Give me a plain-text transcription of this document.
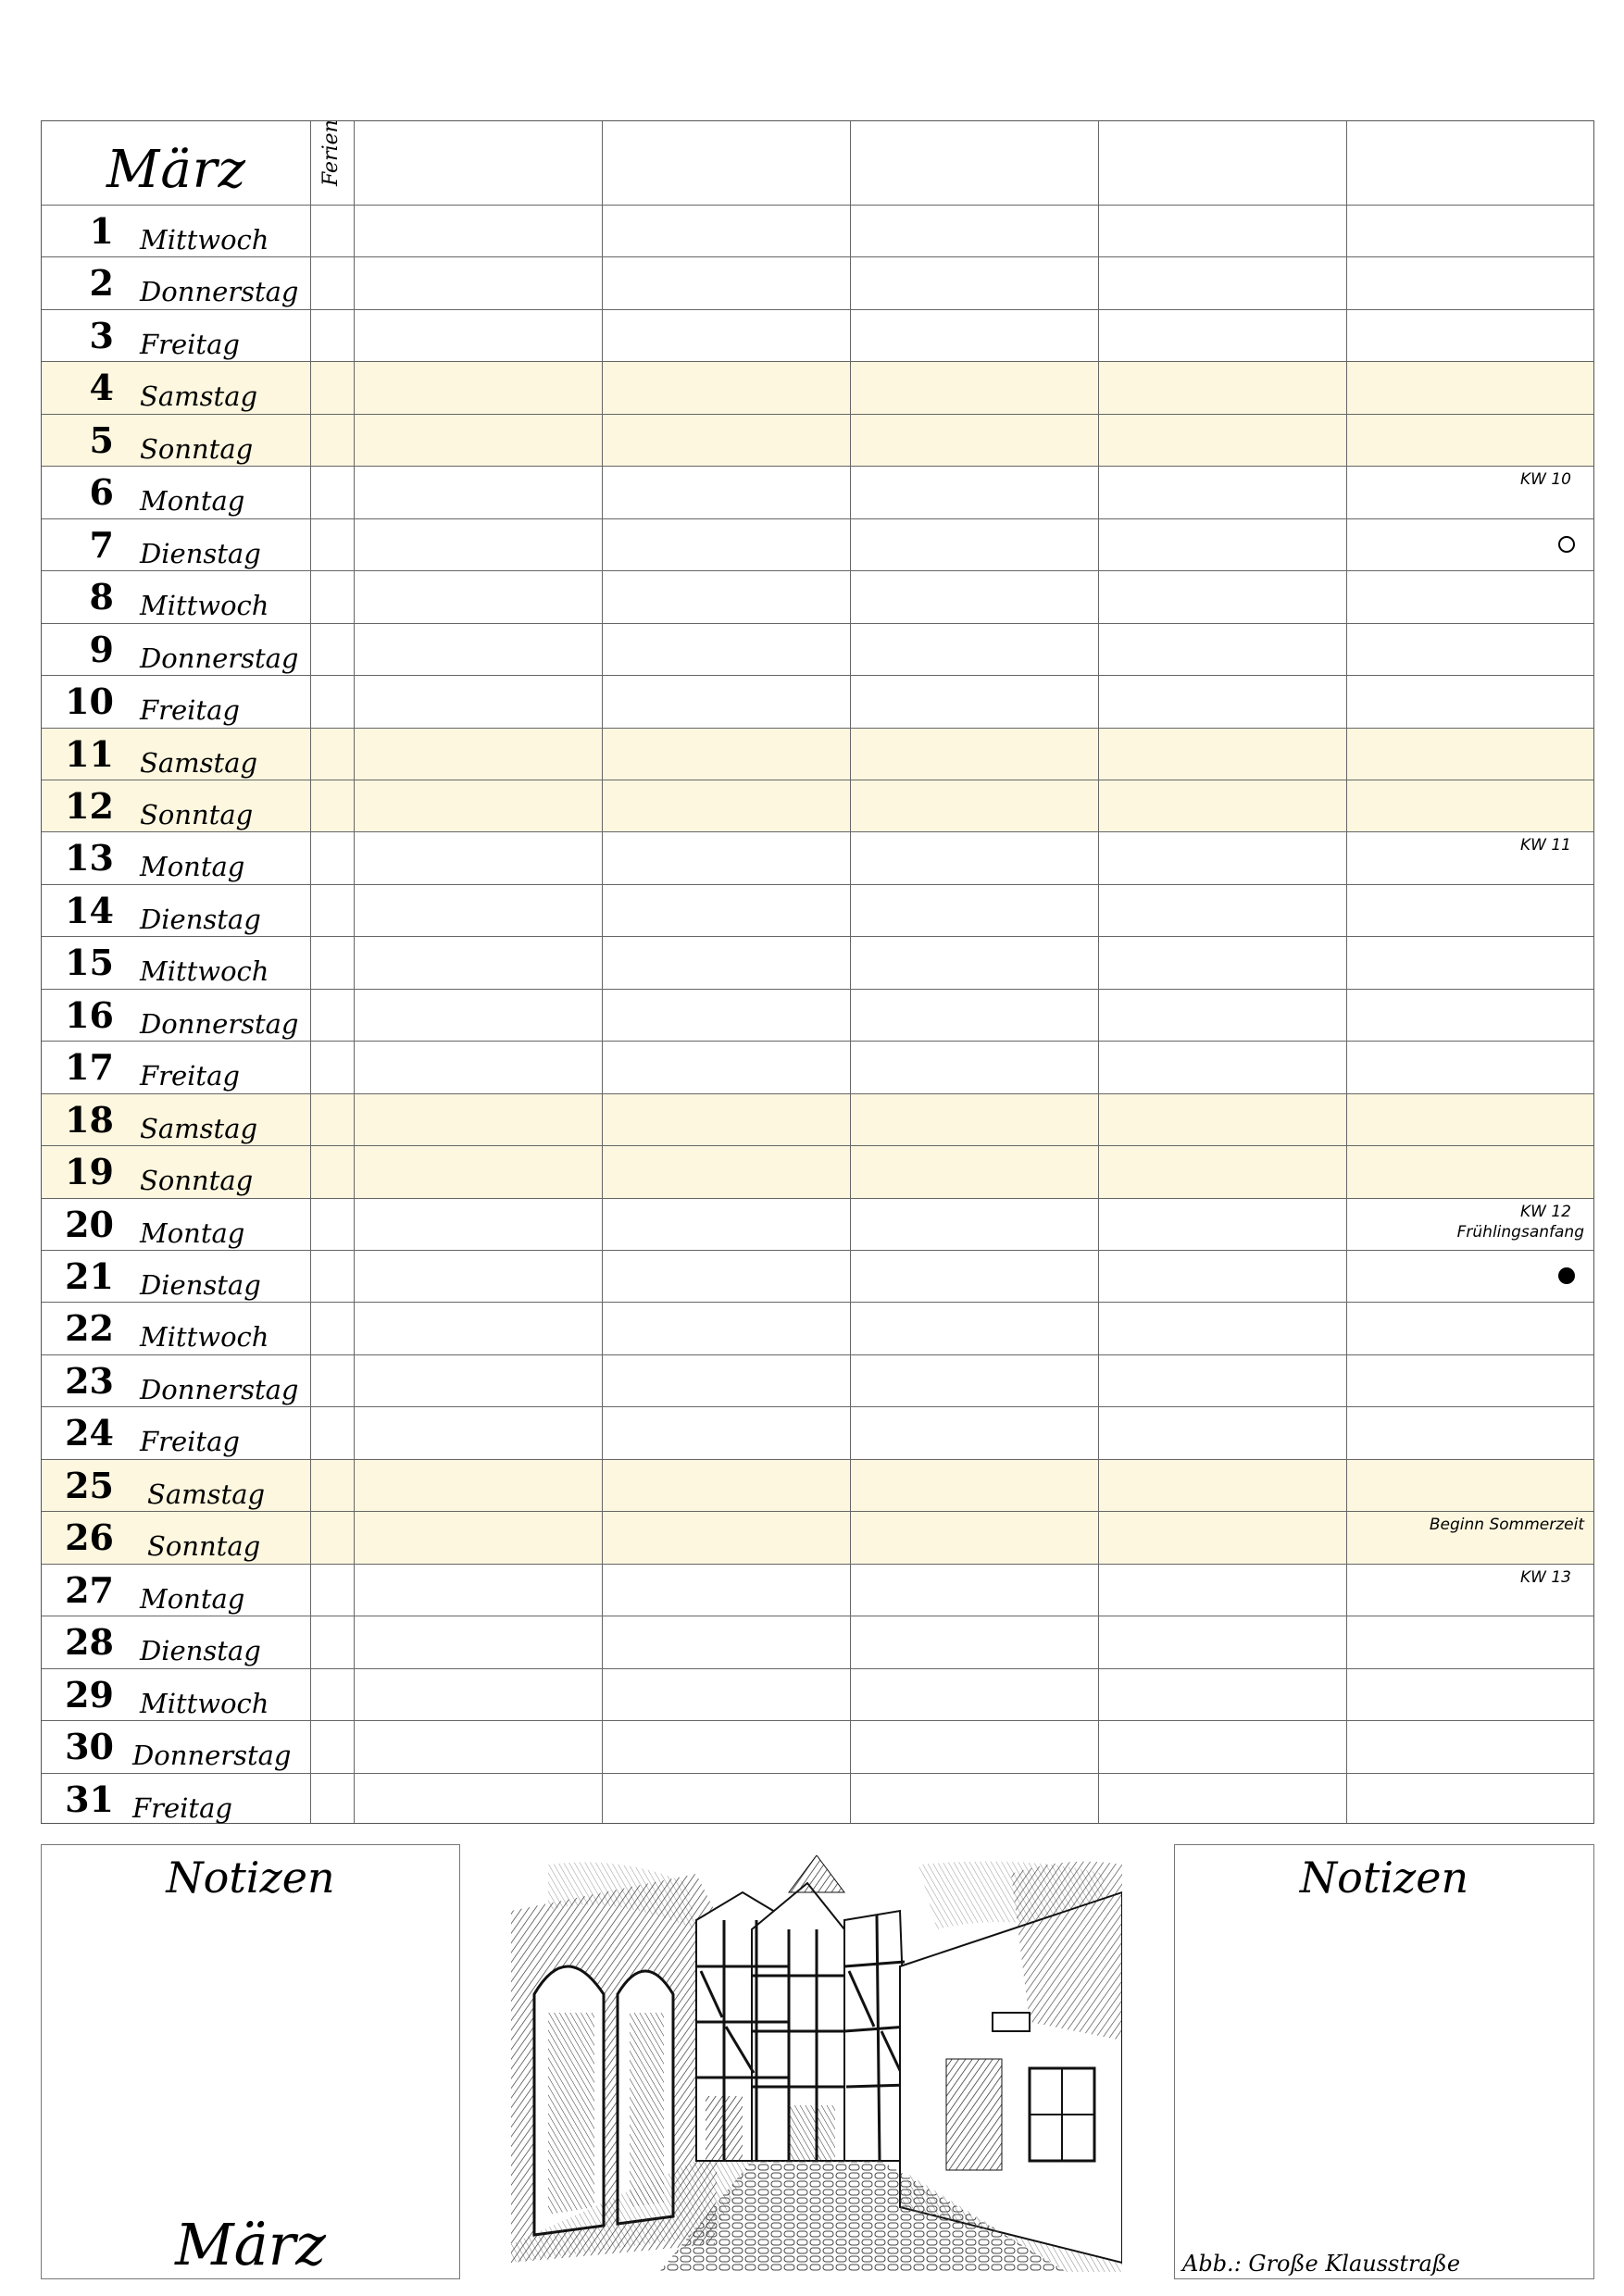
März	Ferien
1 Mittwoch
2 Donnerstag
3 Freitag
4 Samstag
5 Sonntag
6 Montag
KW 10
7 Dienstag
8 Mittwoch
9 Donnerstag
10 Freitag
11 Samstag
12 Sonntag
13 Montag
KW 11
14 Dienstag
15 Mittwoch
16 Donnerstag
17 Freitag
18 Samstag
19 Sonntag
20 Montag
KW 12
Frühlingsanfang
21 Dienstag
22 Mittwoch
23 Donnerstag
24 Freitag
25 Samstag
26 Sonntag
Beginn Sommerzeit
27 Montag
KW 13
28 Dienstag
29 Mittwoch
30 Donnerstag
31 Freitag
Notizen
März
Notizen
Abb.: Große Klausstraße
